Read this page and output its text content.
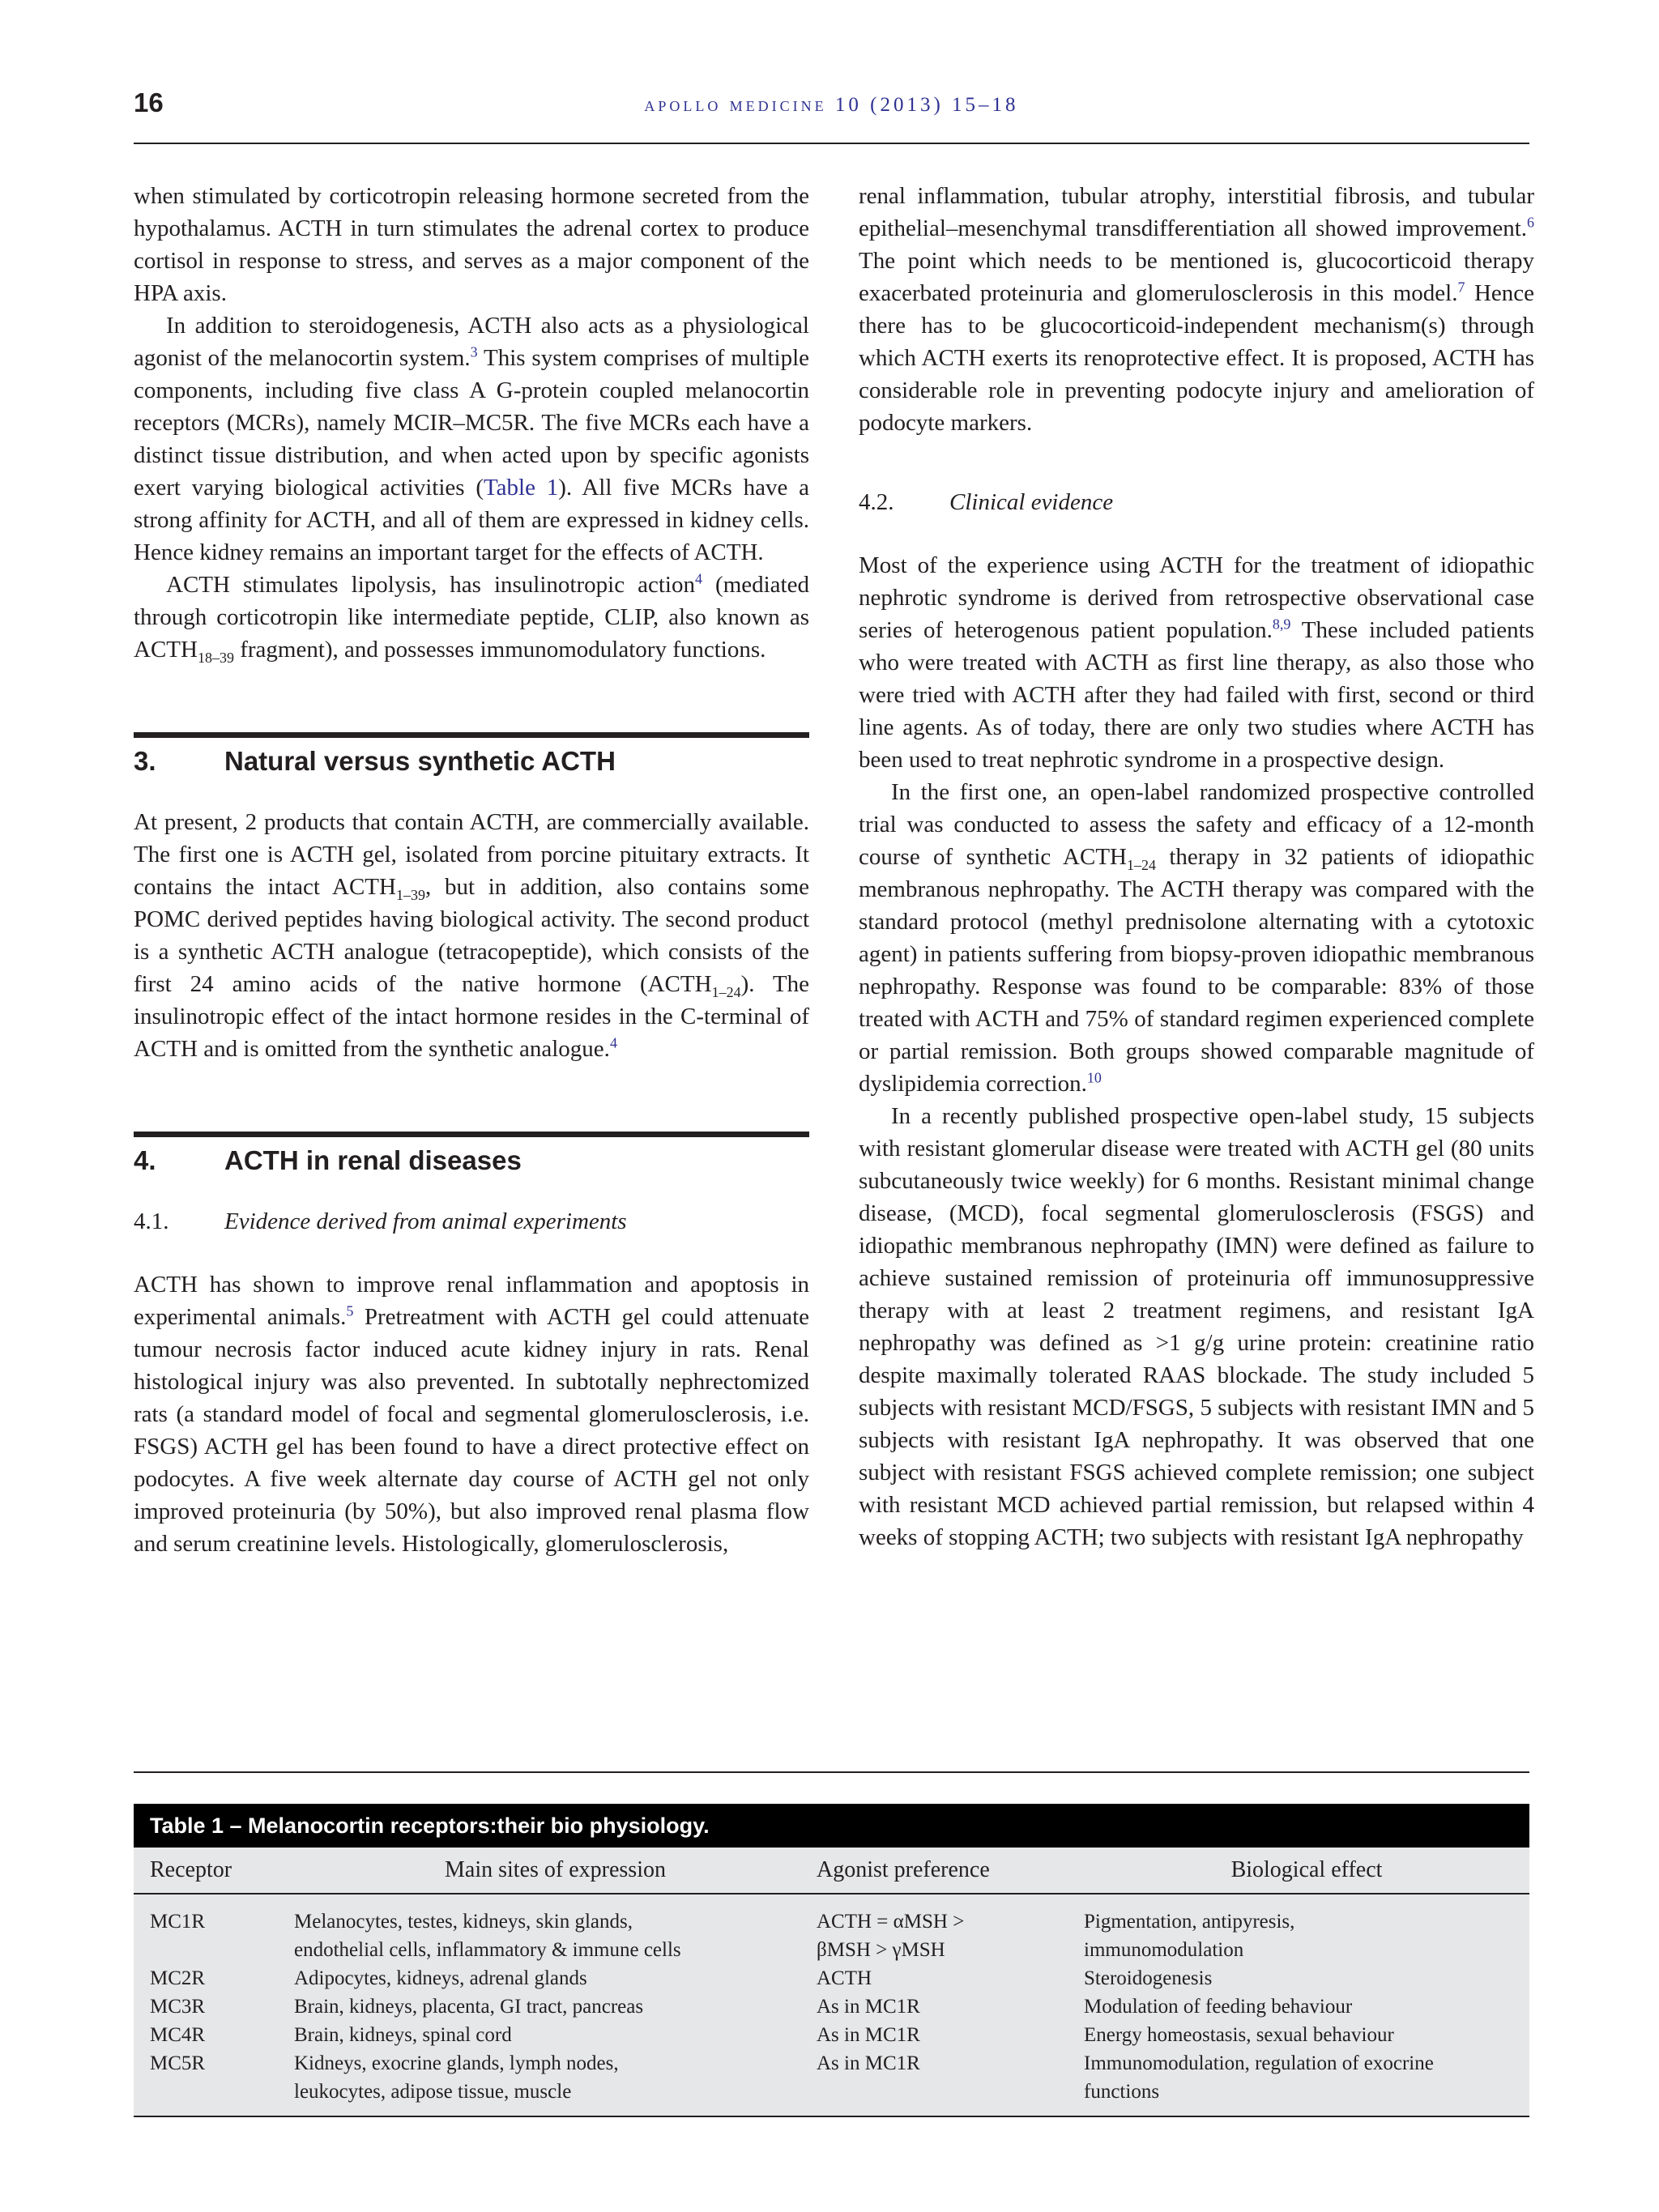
16	apollo medicine 10 (2013) 15–18

when stimulated by corticotropin releasing hormone secreted from the hypothalamus. ACTH in turn stimulates the adrenal cortex to produce cortisol in response to stress, and serves as a major component of the HPA axis.

In addition to steroidogenesis, ACTH also acts as a physiological agonist of the melanocortin system.$^3$ This system comprises of multiple components, including five class A G-protein coupled melanocortin receptors (MCRs), namely MCIR–MC5R. The five MCRs each have a distinct tissue distribution, and when acted upon by specific agonists exert varying biological activities (Table 1). All five MCRs have a strong affinity for ACTH, and all of them are expressed in kidney cells. Hence kidney remains an important target for the effects of ACTH.

ACTH stimulates lipolysis, has insulinotropic action$^4$ (mediated through corticotropin like intermediate peptide, CLIP, also known as $ACTH_{18-39}$ fragment), and possesses immunomodulatory functions.

3.	Natural versus synthetic ACTH

At present, 2 products that contain ACTH, are commercially available. The first one is ACTH gel, isolated from porcine pituitary extracts. It contains the intact $ACTH_{1-39}$, but in addition, also contains some POMC derived peptides having biological activity. The second product is a synthetic ACTH analogue (tetracopeptide), which consists of the first 24 amino acids of the native hormone $(ACTH_{1-24})$. The insulinotropic effect of the intact hormone resides in the C-terminal of ACTH and is omitted from the synthetic analogue.$^4$

4.	ACTH in renal diseases
4.1. Evidence derived from animal experiments

ACTH has shown to improve renal inflammation and apoptosis in experimental animals.$^5$ Pretreatment with ACTH gel could attenuate tumour necrosis factor induced acute kidney injury in rats. Renal histological injury was also prevented. In subtotally nephrectomized rats (a standard model of focal and segmental glomerulosclerosis, i.e. FSGS) ACTH gel has been found to have a direct protective effect on podocytes. A five week alternate day course of ACTH gel not only improved proteinuria (by 50%), but also improved renal plasma flow and serum creatinine levels. Histologically, glomerulosclerosis,

renal inflammation, tubular atrophy, interstitial fibrosis, and tubular epithelial–mesenchymal transdifferentiation all showed improvement.$^6$ The point which needs to be mentioned is, glucocorticoid therapy exacerbated proteinuria and glomerulosclerosis in this model.$^7$ Hence there has to be glucocorticoid-independent mechanism(s) through which ACTH exerts its renoprotective effect. It is proposed, ACTH has considerable role in preventing podocyte injury and amelioration of podocyte markers.

4.2. Clinical evidence

Most of the experience using ACTH for the treatment of idiopathic nephrotic syndrome is derived from retrospective observational case series of heterogenous patient population.$^{8,9}$ These included patients who were treated with ACTH as first line therapy, as also those who were tried with ACTH after they had failed with first, second or third line agents. As of today, there are only two studies where ACTH has been used to treat nephrotic syndrome in a prospective design.

In the first one, an open-label randomized prospective controlled trial was conducted to assess the safety and efficacy of a 12-month course of synthetic $ACTH_{1-24}$ therapy in 32 patients of idiopathic membranous nephropathy. The ACTH therapy was compared with the standard protocol (methyl prednisolone alternating with a cytotoxic agent) in patients suffering from biopsy-proven idiopathic membranous nephropathy. Response was found to be comparable: 83% of those treated with ACTH and 75% of standard regimen experienced complete or partial remission. Both groups showed comparable magnitude of dyslipidemia correction.$^{10}$

In a recently published prospective open-label study, 15 subjects with resistant glomerular disease were treated with ACTH gel (80 units subcutaneously twice weekly) for 6 months. Resistant minimal change disease, (MCD), focal segmental glomerulosclerosis (FSGS) and idiopathic membranous nephropathy (IMN) were defined as failure to achieve sustained remission of proteinuria off immunosuppressive therapy with at least 2 treatment regimens, and resistant IgA nephropathy was defined as >1 g/g urine protein: creatinine ratio despite maximally tolerated RAAS blockade. The study included 5 subjects with resistant MCD/FSGS, 5 subjects with resistant IMN and 5 subjects with resistant IgA nephropathy. It was observed that one subject with resistant FSGS achieved complete remission; one subject with resistant MCD achieved partial remission, but relapsed within 4 weeks of stopping ACTH; two subjects with resistant IgA nephropathy

Table 1 – Melanocortin receptors:their bio physiology.
Receptor	Main sites of expression	Agonist preference	Biological effect
MC1R	Melanocytes, testes, kidneys, skin glands,	ACTH = αMSH >	Pigmentation, antipyresis,
endothelial cells, inflammatory & immune cells	βMSH > γMSH	immunomodulation
MC2R	Adipocytes, kidneys, adrenal glands	ACTH	Steroidogenesis
MC3R	Brain, kidneys, placenta, GI tract, pancreas	As in MC1R	Modulation of feeding behaviour
MC4R	Brain, kidneys, spinal cord	As in MC1R	Energy homeostasis, sexual behaviour
MC5R	Kidneys, exocrine glands, lymph nodes,	As in MC1R	Immunomodulation, regulation of exocrine
leukocytes, adipose tissue, muscle	functions
